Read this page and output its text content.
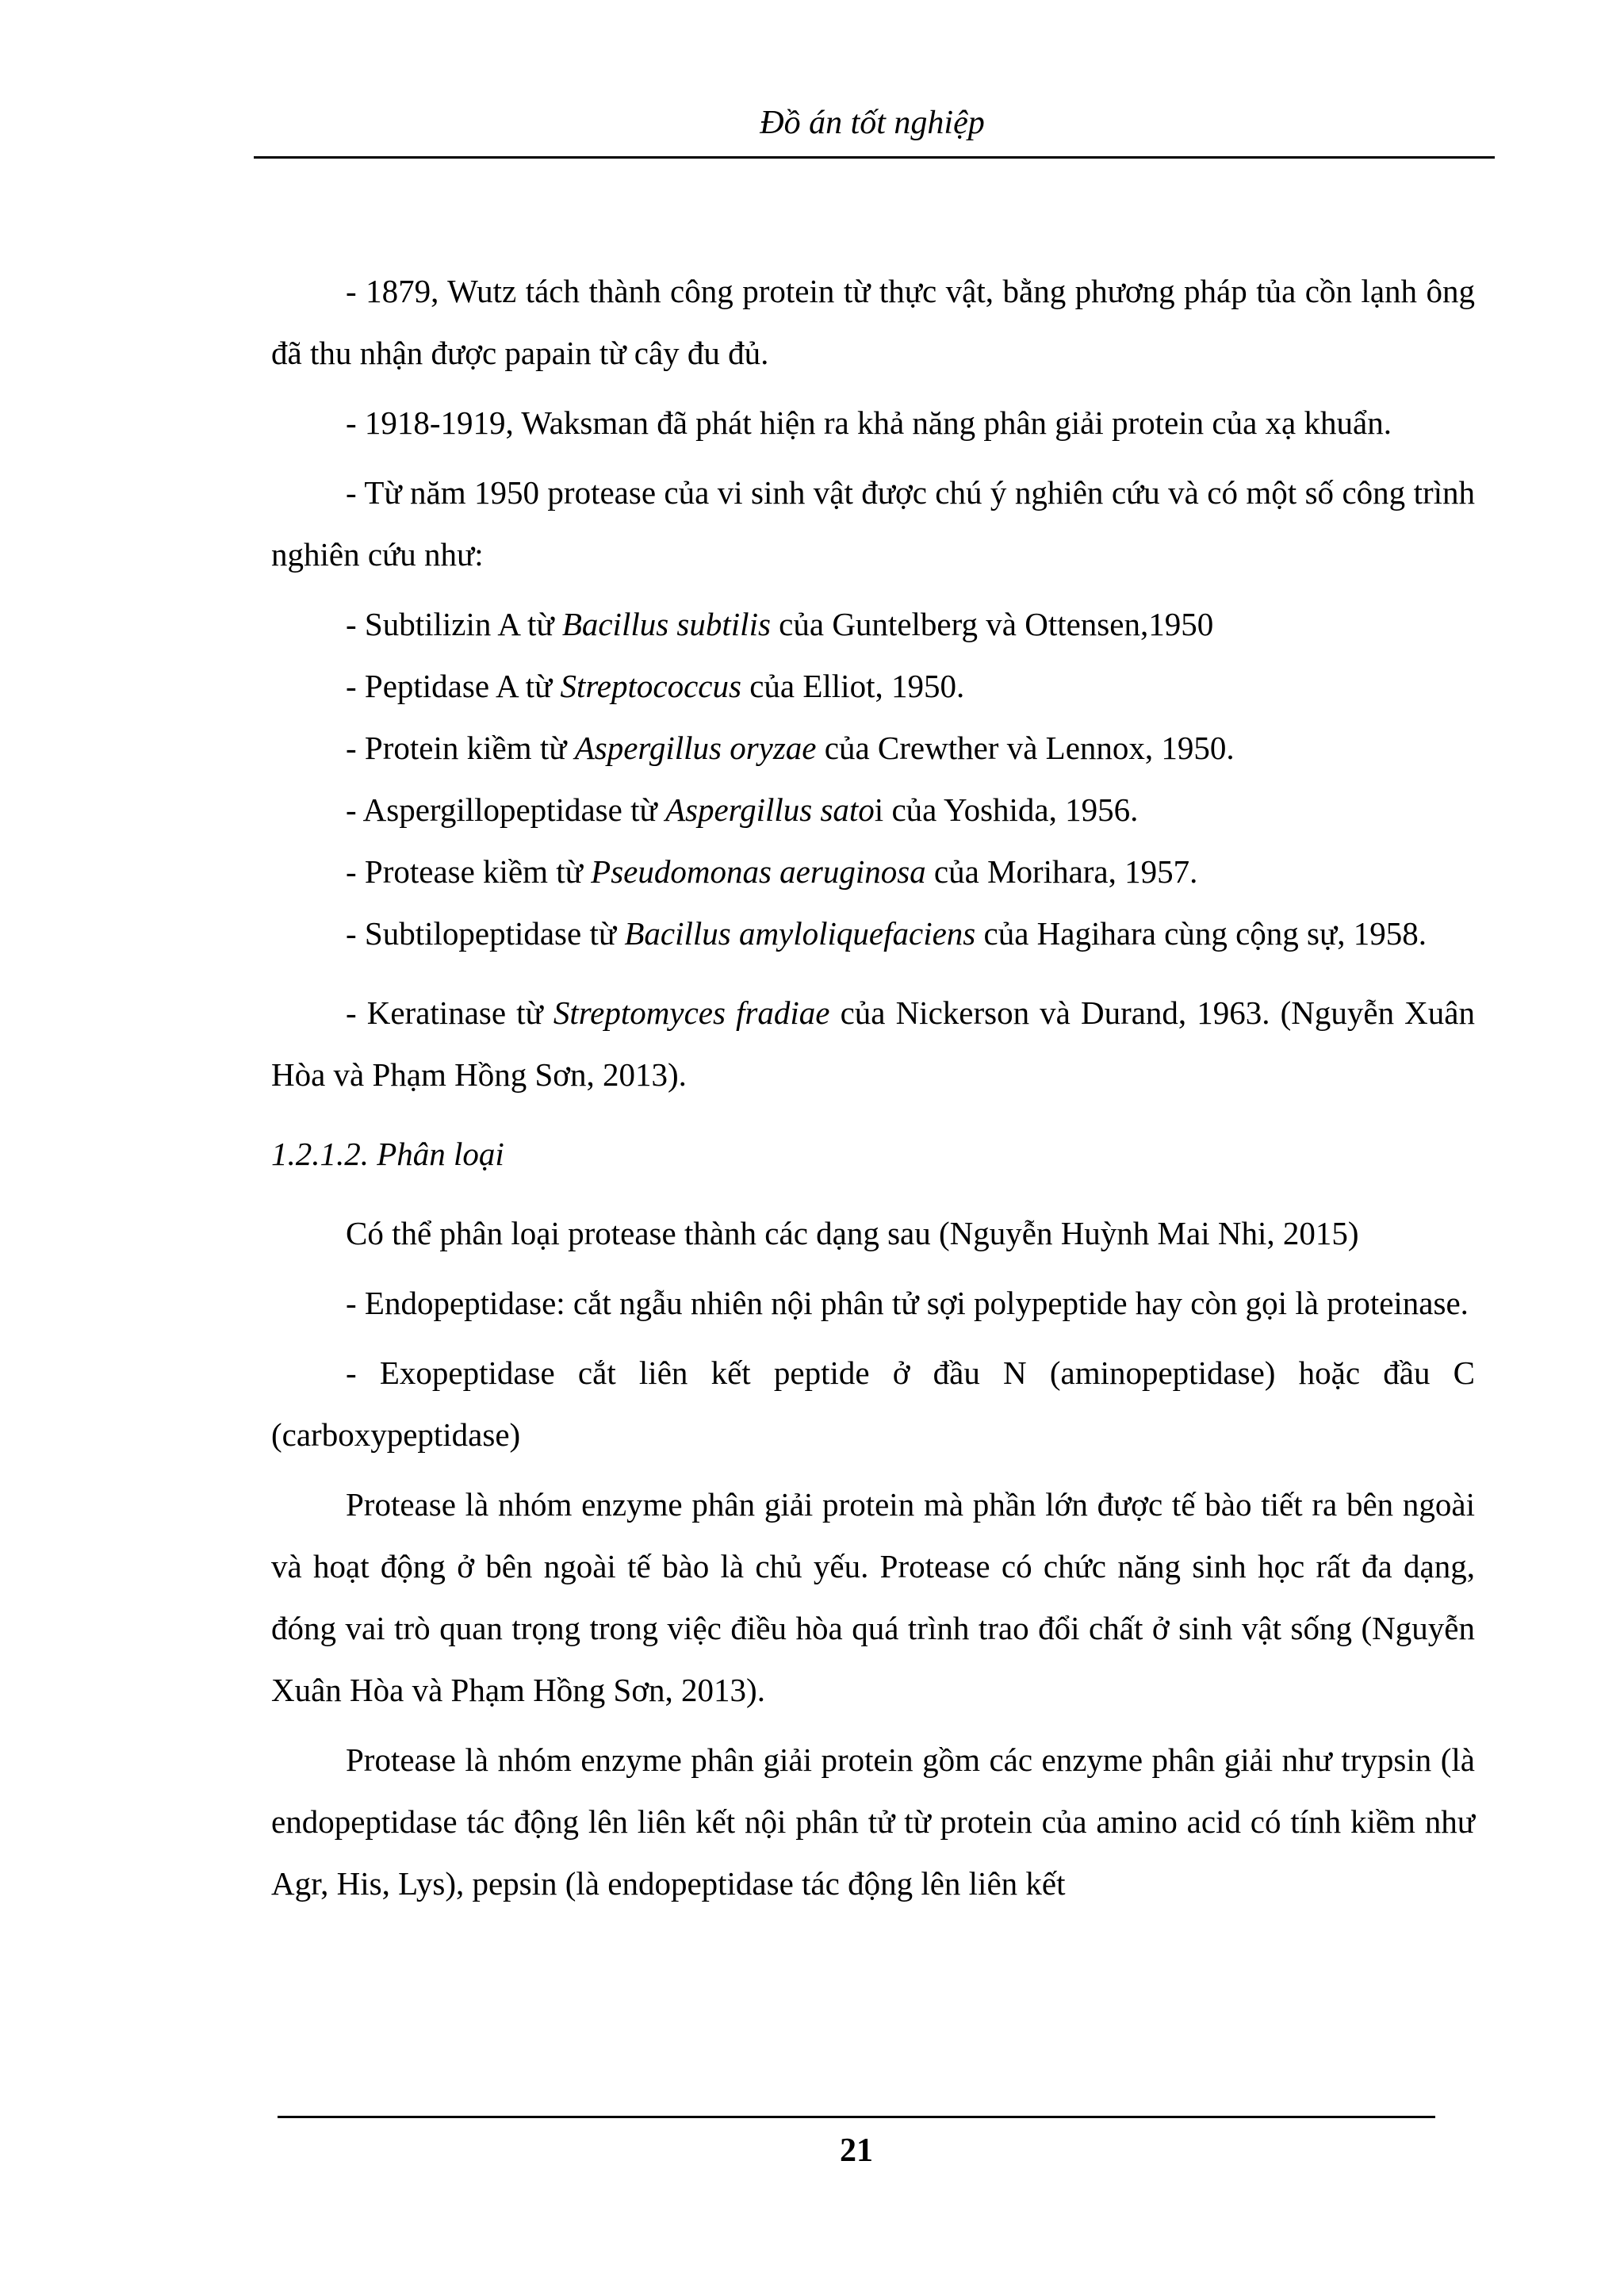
Đồ án tốt nghiệp

- 1879, Wutz tách thành công protein từ thực vật, bằng phương pháp tủa cồn lạnh ông đã thu nhận được papain từ cây đu đủ.

- 1918-1919, Waksman đã phát hiện ra khả năng phân giải protein của xạ khuẩn.

- Từ năm 1950 protease của vi sinh vật được chú ý nghiên cứu và có một số công trình nghiên cứu như:

- Subtilizin A từ Bacillus subtilis của Guntelberg và Ottensen,1950

- Peptidase A từ Streptococcus của Elliot, 1950.

- Protein kiềm từ Aspergillus oryzae của Crewther và Lennox, 1950.

- Aspergillopeptidase từ Aspergillus satoi của Yoshida, 1956.

- Protease kiềm từ Pseudomonas aeruginosa của Morihara, 1957.

- Subtilopeptidase từ Bacillus amyloliquefaciens của Hagihara cùng cộng sự, 1958.

- Keratinase từ Streptomyces fradiae của Nickerson và Durand, 1963. (Nguyễn Xuân Hòa và Phạm Hồng Sơn, 2013).

1.2.1.2. Phân loại

Có thể phân loại protease thành các dạng sau (Nguyễn Huỳnh Mai Nhi, 2015)

- Endopeptidase: cắt ngẫu nhiên nội phân tử sợi polypeptide hay còn gọi là proteinase.

- Exopeptidase cắt liên kết peptide ở đầu N (aminopeptidase) hoặc đầu C (carboxypeptidase)

Protease là nhóm enzyme phân giải protein mà phần lớn được tế bào tiết ra bên ngoài và hoạt động ở bên ngoài tế bào là chủ yếu. Protease có chức năng sinh học rất đa dạng, đóng vai trò quan trọng trong việc điều hòa quá trình trao đổi chất ở sinh vật sống (Nguyễn Xuân Hòa và Phạm Hồng Sơn, 2013).

Protease là nhóm enzyme phân giải protein gồm các enzyme phân giải như trypsin (là endopeptidase tác động lên liên kết nội phân tử từ protein của amino acid có tính kiềm như Agr, His, Lys), pepsin (là endopeptidase tác động lên liên kết

21
